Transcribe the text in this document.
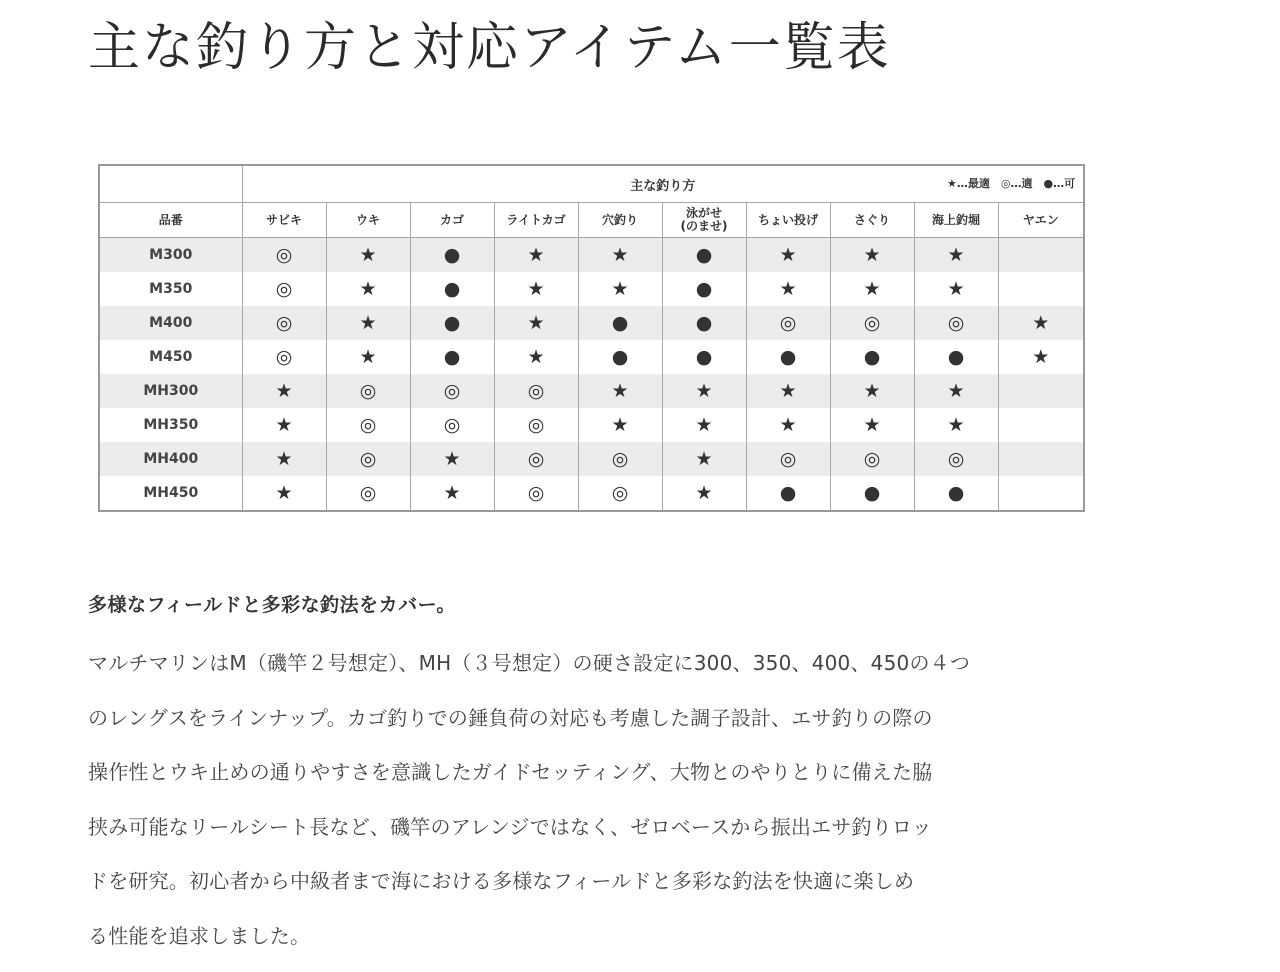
主な釣り方と対応アイテム一覧表
	主な釣り方 ★…最適　◎…適　●…可									

品番	サビキ	ウキ	カゴ	ライトカゴ	穴釣り	泳がせ
(のませ)	ちょい投げ	さぐり	海上釣堀	ヤエン
M300	◎	★	●	★	★	●	★	★	★	
M350	◎	★	●	★	★	●	★	★	★	
M400	◎	★	●	★	●	●	◎	◎	◎	★
M450	◎	★	●	★	●	●	●	●	●	★
MH300	★	◎	◎	◎	★	★	★	★	★	
MH350	★	◎	◎	◎	★	★	★	★	★	
MH400	★	◎	★	◎	◎	★	◎	◎	◎	
MH450	★	◎	★	◎	◎	★	●	●	●	
多様なフィールドと多彩な釣法をカバー。

マルチマリンはM（磯竿２号想定）、MH（３号想定）の硬さ設定に300、350、400、450の４つ

のレングスをラインナップ。カゴ釣りでの錘負荷の対応も考慮した調子設計、エサ釣りの際の

操作性とウキ止めの通りやすさを意識したガイドセッティング、大物とのやりとりに備えた脇

挟み可能なリールシート長など、磯竿のアレンジではなく、ゼロベースから振出エサ釣りロッ

ドを研究。初心者から中級者まで海における多様なフィールドと多彩な釣法を快適に楽しめ

る性能を追求しました。
